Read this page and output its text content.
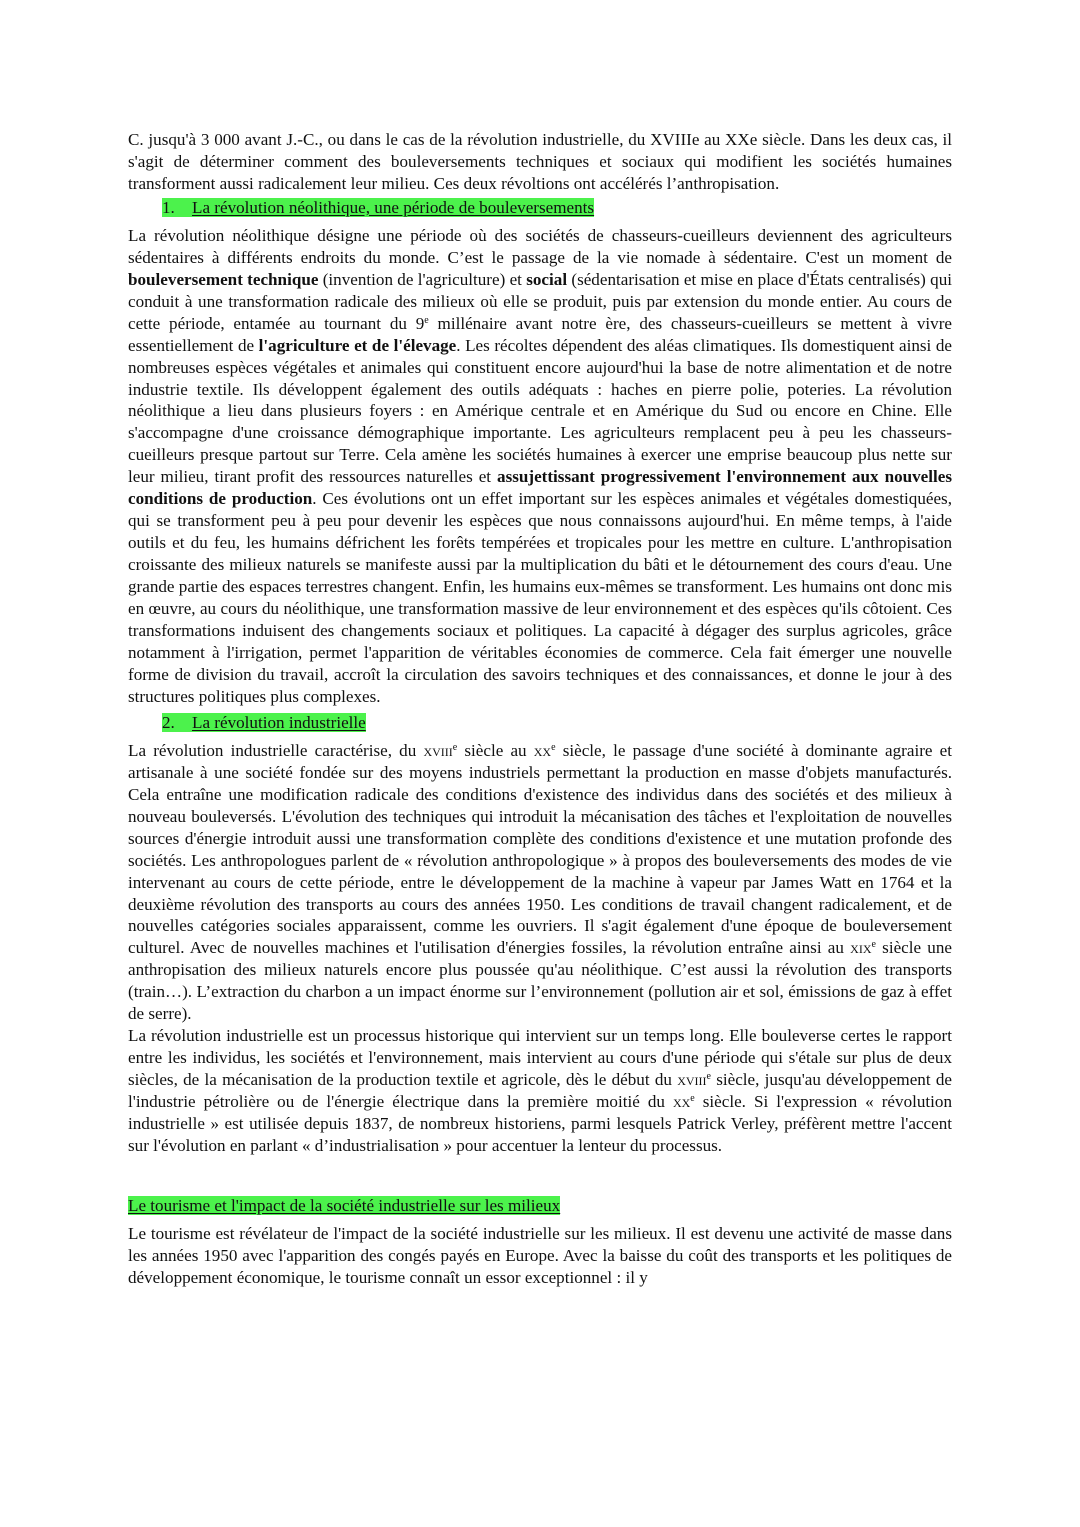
C. jusqu'à 3 000 avant J.-C., ou dans le cas de la révolution industrielle, du XVIIIe au XXe siècle. Dans les deux cas, il s'agit de déterminer comment des bouleversements techniques et sociaux qui modifient les sociétés humaines transforment aussi radicalement leur milieu. Ces deux révoltions ont accélérés l’anthropisation.

1. La révolution néolithique, une période de bouleversements

La révolution néolithique désigne une période où des sociétés de chasseurs-cueilleurs deviennent des agriculteurs sédentaires à différents endroits du monde. C’est le passage de la vie nomade à sédentaire. C'est un moment de bouleversement technique (invention de l'agriculture) et social (sédentarisation et mise en place d'États centralisés) qui conduit à une transformation radicale des milieux où elle se produit, puis par extension du monde entier. Au cours de cette période, entamée au tournant du 9e millénaire avant notre ère, des chasseurs-cueilleurs se mettent à vivre essentiellement de l'agriculture et de l'élevage. Les récoltes dépendent des aléas climatiques. Ils domestiquent ainsi de nombreuses espèces végétales et animales qui constituent encore aujourd'hui la base de notre alimentation et de notre industrie textile. Ils développent également des outils adéquats : haches en pierre polie, poteries. La révolution néolithique a lieu dans plusieurs foyers : en Amérique centrale et en Amérique du Sud ou encore en Chine. Elle s'accompagne d'une croissance démographique importante. Les agriculteurs remplacent peu à peu les chasseurs-cueilleurs presque partout sur Terre. Cela amène les sociétés humaines à exercer une emprise beaucoup plus nette sur leur milieu, tirant profit des ressources naturelles et assujettissant progressivement l'environnement aux nouvelles conditions de production. Ces évolutions ont un effet important sur les espèces animales et végétales domestiquées, qui se transforment peu à peu pour devenir les espèces que nous connaissons aujourd'hui. En même temps, à l'aide outils et du feu, les humains défrichent les forêts tempérées et tropicales pour les mettre en culture. L'anthropisation croissante des milieux naturels se manifeste aussi par la multiplication du bâti et le détournement des cours d'eau. Une grande partie des espaces terrestres changent. Enfin, les humains eux-mêmes se transforment. Les humains ont donc mis en œuvre, au cours du néolithique, une transformation massive de leur environnement et des espèces qu'ils côtoient. Ces transformations induisent des changements sociaux et politiques. La capacité à dégager des surplus agricoles, grâce notamment à l'irrigation, permet l'apparition de véritables économies de commerce. Cela fait émerger une nouvelle forme de division du travail, accroît la circulation des savoirs techniques et des connaissances, et donne le jour à des structures politiques plus complexes.

2. La révolution industrielle

La révolution industrielle caractérise, du xviii$^e$ siècle au $xx^e$ siècle, le passage d'une société à dominante agraire et artisanale à une société fondée sur des moyens industriels permettant la production en masse d'objets manufacturés. Cela entraîne une modification radicale des conditions d'existence des individus dans des sociétés et des milieux à nouveau bouleversés. L'évolution des techniques qui introduit la mécanisation des tâches et l'exploitation de nouvelles sources d'énergie introduit aussi une transformation complète des conditions d'existence et une mutation profonde des sociétés. Les anthropologues parlent de « révolution anthropologique » à propos des bouleversements des modes de vie intervenant au cours de cette période, entre le développement de la machine à vapeur par James Watt en 1764 et la deuxième révolution des transports au cours des années 1950. Les conditions de travail changent radicalement, et de nouvelles catégories sociales apparaissent, comme les ouvriers. Il s'agit également d'une époque de bouleversement culturel. Avec de nouvelles machines et l'utilisation d'énergies fossiles, la révolution entraîne ainsi au xix$^e$ siècle une anthropisation des milieux naturels encore plus poussée qu'au néolithique. C’est aussi la révolution des transports (train…). L’extraction du charbon a un impact énorme sur l’environnement (pollution air et sol, émissions de gaz à effet de serre).

La révolution industrielle est un processus historique qui intervient sur un temps long. Elle bouleverse certes le rapport entre les individus, les sociétés et l'environnement, mais intervient au cours d'une période qui s'étale sur plus de deux siècles, de la mécanisation de la production textile et agricole, dès le début du xviii$^e$ siècle, jusqu'au développement de l'industrie pétrolière ou de l'énergie électrique dans la première moitié du $xx^e$ siècle. Si l'expression « révolution industrielle » est utilisée depuis 1837, de nombreux historiens, parmi lesquels Patrick Verley, préfèrent mettre l'accent sur l'évolution en parlant « d’industrialisation » pour accentuer la lenteur du processus.

Le tourisme et l'impact de la société industrielle sur les milieux

Le tourisme est révélateur de l'impact de la société industrielle sur les milieux. Il est devenu une activité de masse dans les années 1950 avec l'apparition des congés payés en Europe. Avec la baisse du coût des transports et les politiques de développement économique, le tourisme connaît un essor exceptionnel : il y
